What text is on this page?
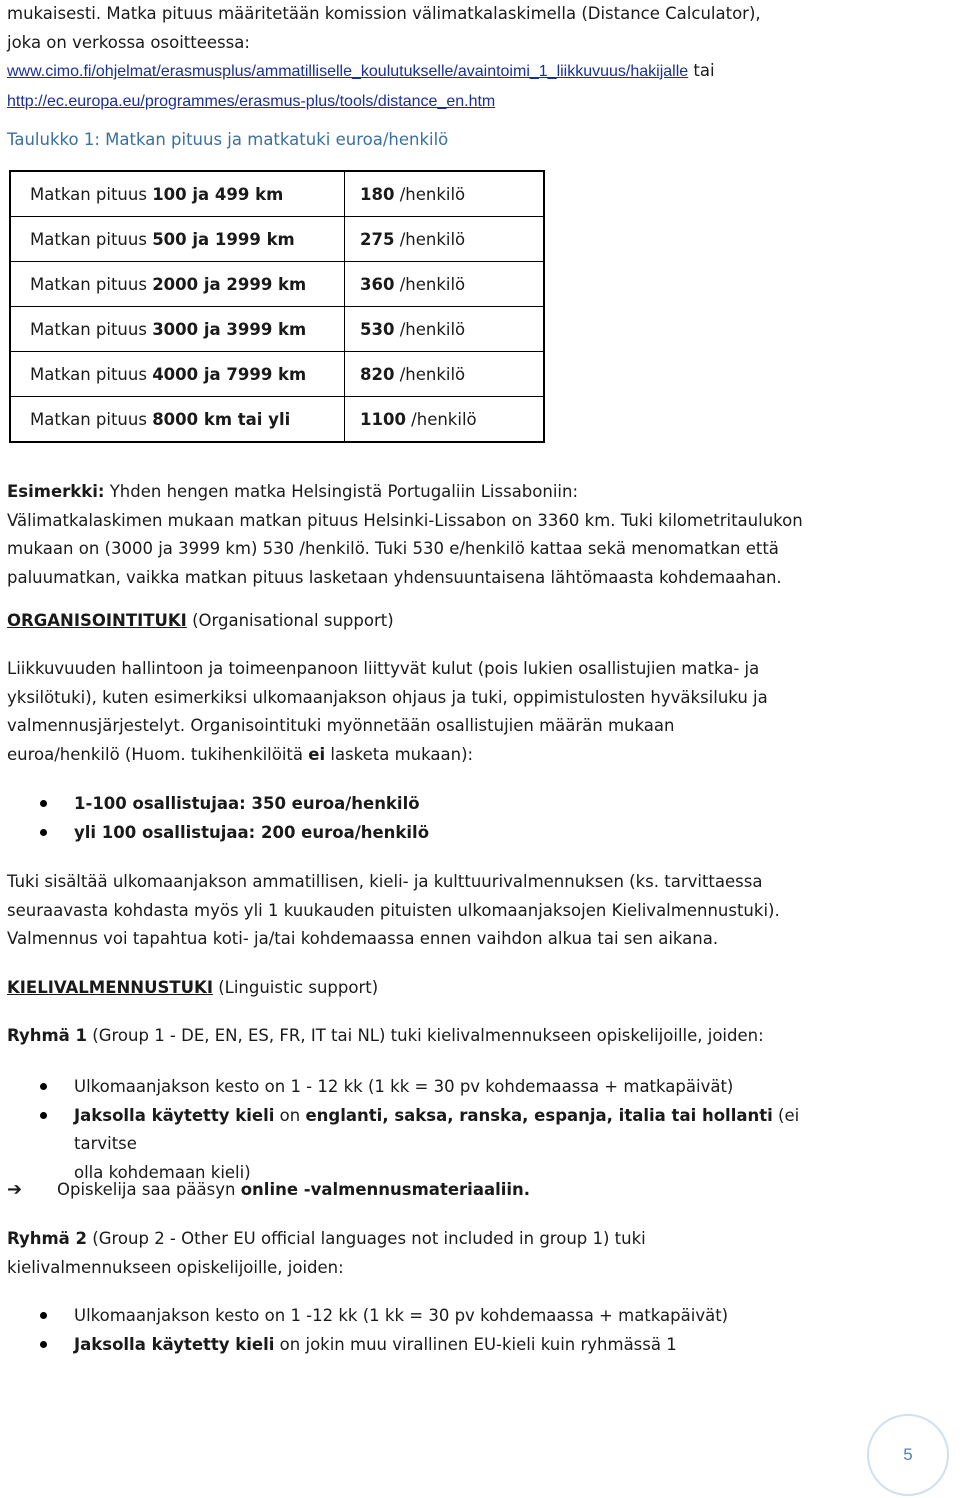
mukaisesti. Matka pituus määritetään komission välimatkalaskimella (Distance Calculator),

joka on verkossa osoitteessa:

www.cimo.fi/ohjelmat/erasmusplus/ammatilliselle_koulutukselle/avaintoimi_1_liikkuvuus/hakijalle tai

http://ec.europa.eu/programmes/erasmus-plus/tools/distance_en.htm

Taulukko 1: Matkan pituus ja matkatuki euroa/henkilö
Matkan pituus 100 ja 499 km	180 /henkilö
Matkan pituus 500 ja 1999 km	275 /henkilö
Matkan pituus 2000 ja 2999 km	360 /henkilö
Matkan pituus 3000 ja 3999 km	530 /henkilö
Matkan pituus 4000 ja 7999 km	820 /henkilö
Matkan pituus 8000 km tai yli	1100 /henkilö

Esimerkki: Yhden hengen matka Helsingistä Portugaliin Lissaboniin:

Välimatkalaskimen mukaan matkan pituus Helsinki-Lissabon on 3360 km. Tuki kilometritaulukon

mukaan on (3000 ja 3999 km) 530 /henkilö. Tuki 530 e/henkilö kattaa sekä menomatkan että

paluumatkan, vaikka matkan pituus lasketaan yhdensuuntaisena lähtömaasta kohdemaahan.

ORGANISOINTITUKI (Organisational support)

Liikkuvuuden hallintoon ja toimeenpanoon liittyvät kulut (pois lukien osallistujien matka- ja

yksilötuki), kuten esimerkiksi ulkomaanjakson ohjaus ja tuki, oppimistulosten hyväksiluku ja

valmennusjärjestelyt. Organisointituki myönnetään osallistujien määrän mukaan

euroa/henkilö (Huom. tukihenkilöitä ei lasketa mukaan):

1-100 osallistujaa: 350 euroa/henkilö
yli 100 osallistujaa: 200 euroa/henkilö

Tuki sisältää ulkomaanjakson ammatillisen, kieli- ja kulttuurivalmennuksen (ks. tarvittaessa

seuraavasta kohdasta myös yli 1 kuukauden pituisten ulkomaanjaksojen Kielivalmennustuki).

Valmennus voi tapahtua koti- ja/tai kohdemaassa ennen vaihdon alkua tai sen aikana.

KIELIVALMENNUSTUKI (Linguistic support)

Ryhmä 1 (Group 1 - DE, EN, ES, FR, IT tai NL) tuki kielivalmennukseen opiskelijoille, joiden:

Ulkomaanjakson kesto on 1 - 12 kk (1 kk = 30 pv kohdemaassa + matkapäivät)
Jaksolla käytetty kieli on englanti, saksa, ranska, espanja, italia tai hollanti (ei tarvitse
olla kohdemaan kieli)

➔ Opiskelija saa pääsyn online -valmennusmateriaaliin.

Ryhmä 2 (Group 2 - Other EU official languages not included in group 1) tuki

kielivalmennukseen opiskelijoille, joiden:

Ulkomaanjakson kesto on 1 -12 kk (1 kk = 30 pv kohdemaassa + matkapäivät)
Jaksolla käytetty kieli on jokin muu virallinen EU-kieli kuin ryhmässä 1
5
